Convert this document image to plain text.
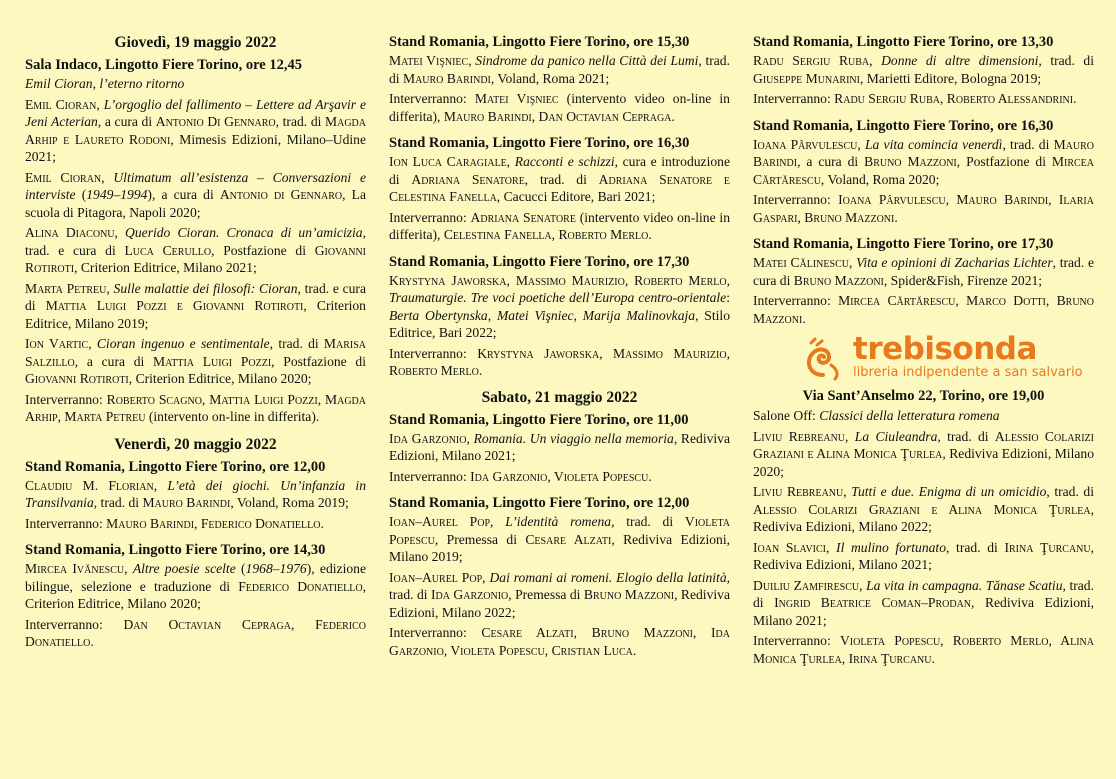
Giovedì, 19 maggio 2022
Sala Indaco, Lingotto Fiere Torino, ore 12,45

Emil Cioran, l’eterno ritorno

Emil Cioran, L’orgoglio del fallimento – Lettere ad Arşavir e Jeni Acterian, a cura di Antonio Di Gennaro, trad. di Magda Arhip e Laureto Rodoni, Mimesis Edizioni, Milano–Udine 2021;

Emil Cioran, Ultimatum all’esistenza – Conversazioni e interviste (1949–1994), a cura di Antonio di Gennaro, La scuola di Pitagora, Napoli 2020;

Alina Diaconu, Querido Cioran. Cronaca di un’amicizia, trad. e cura di Luca Cerullo, Postfazione di Giovanni Rotiroti, Criterion Editrice, Milano 2021;

Marta Petreu, Sulle malattie dei filosofi: Cioran, trad. e cura di Mattia Luigi Pozzi e Giovanni Rotiroti, Criterion Editrice, Milano 2019;

Ion Vartic, Cioran ingenuo e sentimentale, trad. di Marisa Salzillo, a cura di Mattia Luigi Pozzi, Postfazione di Giovanni Rotiroti, Criterion Editrice, Milano 2020;

Interverranno: Roberto Scagno, Mattia Luigi Pozzi, Magda Arhip, Marta Petreu (intervento on-line in differita).

Venerdì, 20 maggio 2022
Stand Romania, Lingotto Fiere Torino, ore 12,00

Claudiu M. Florian, L’età dei giochi. Un’infanzia in Transilvania, trad. di Mauro Barindi, Voland, Roma 2019;

Interverranno: Mauro Barindi, Federico Donatiello.

Stand Romania, Lingotto Fiere Torino, ore 14,30

Mircea Ivănescu, Altre poesie scelte (1968–1976), edizione bilingue, selezione e traduzione di Federico Donatiello, Criterion Editrice, Milano 2020;

Interverranno: Dan Octavian Cepraga, Federico Donatiello.

Stand Romania, Lingotto Fiere Torino, ore 15,30

Matei Vişniec, Sindrome da panico nella Città dei Lumi, trad. di Mauro Barindi, Voland, Roma 2021;

Interverranno: Matei Vişniec (intervento video on-line in differita), Mauro Barindi, Dan Octavian Cepraga.

Stand Romania, Lingotto Fiere Torino, ore 16,30

Ion Luca Caragiale, Racconti e schizzi, cura e introduzione di Adriana Senatore, trad. di Adriana Senatore e Celestina Fanella, Cacucci Editore, Bari 2021;

Interverranno: Adriana Senatore (intervento video on-line in differita), Celestina Fanella, Roberto Merlo.

Stand Romania, Lingotto Fiere Torino, ore 17,30

Krystyna Jaworska, Massimo Maurizio, Roberto Merlo, Traumaturgie. Tre voci poetiche dell’Europa centro-orientale: Berta Obertynska, Matei Vişniec, Marija Malinovkaja, Stilo Editrice, Bari 2022;

Interverranno: Krystyna Jaworska, Massimo Maurizio, Roberto Merlo.

Sabato, 21 maggio 2022
Stand Romania, Lingotto Fiere Torino, ore 11,00

Ida Garzonio, Romania. Un viaggio nella memoria, Rediviva Edizioni, Milano 2021;

Interverranno: Ida Garzonio, Violeta Popescu.

Stand Romania, Lingotto Fiere Torino, ore 12,00

Ioan–Aurel Pop, L’identità romena, trad. di Violeta Popescu, Premessa di Cesare Alzati, Rediviva Edizioni, Milano 2019;

Ioan–Aurel Pop, Dai romani ai romeni. Elogio della latinità, trad. di Ida Garzonio, Premessa di Bruno Mazzoni, Rediviva Edizioni, Milano 2022;

Interverranno: Cesare Alzati, Bruno Mazzoni, Ida Garzonio, Violeta Popescu, Cristian Luca.

Stand Romania, Lingotto Fiere Torino, ore 13,30

Radu Sergiu Ruba, Donne di altre dimensioni, trad. di Giuseppe Munarini, Marietti Editore, Bologna 2019;

Interverranno: Radu Sergiu Ruba, Roberto Alessandrini.

Stand Romania, Lingotto Fiere Torino, ore 16,30

Ioana Pârvulescu, La vita comincia venerdì, trad. di Mauro Barindi, a cura di Bruno Mazzoni, Postfazione di Mircea Cărtărescu, Voland, Roma 2020;

Interverranno: Ioana Pârvulescu, Mauro Barindi, Ilaria Gaspari, Bruno Mazzoni.

Stand Romania, Lingotto Fiere Torino, ore 17,30

Matei Călinescu, Vita e opinioni di Zacharias Lichter, trad. e cura di Bruno Mazzoni, Spider&Fish, Firenze 2021;

Interverranno: Mircea Cărtărescu, Marco Dotti, Bruno Mazzoni.

trebisonda
libreria indipendente a san salvario
Via Sant’Anselmo 22, Torino, ore 19,00

Salone Off: Classici della letteratura romena

Liviu Rebreanu, La Ciuleandra, trad. di Alessio Colarizi Graziani e Alina Monica Ţurlea, Rediviva Edizioni, Milano 2020;

Liviu Rebreanu, Tutti e due. Enigma di un omicidio, trad. di Alessio Colarizi Graziani e Alina Monica Ţurlea, Rediviva Edizioni, Milano 2022;

Ioan Slavici, Il mulino fortunato, trad. di Irina Ţurcanu, Rediviva Edizioni, Milano 2021;

Duiliu Zamfirescu, La vita in campagna. Tănase Scatiu, trad. di Ingrid Beatrice Coman–Prodan, Rediviva Edizioni, Milano 2021;

Interverranno: Violeta Popescu, Roberto Merlo, Alina Monica Ţurlea, Irina Ţurcanu.
